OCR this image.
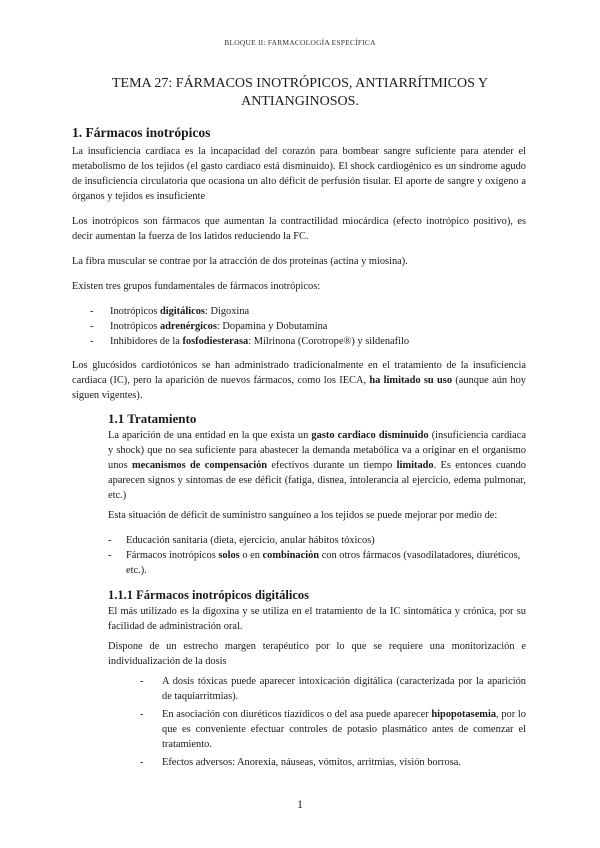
BLOQUE II: FARMACOLOGÍA ESPECÍFICA
TEMA 27: FÁRMACOS INOTRÓPICOS, ANTIARRÍTMICOS Y ANTIANGINOSOS.
1. Fármacos inotrópicos

La insuficiencia cardiaca es la incapacidad del corazón para bombear sangre suficiente para atender el metabolismo de los tejidos (el gasto cardiaco está disminuido). El shock cardiogénico es un síndrome agudo de insuficiencia circulatoria que ocasiona un alto déficit de perfusión tisular. El aporte de sangre y oxígeno a órganos y tejidos es insuficiente

Los inotrópicos son fármacos que aumentan la contractilidad miocárdica (efecto inotrópico positivo), es decir aumentan la fuerza de los latidos reduciendo la FC.

La fibra muscular se contrae por la atracción de dos proteínas (actina y miosina).

Existen tres grupos fundamentales de fármacos inotrópicos:

- Inotrópicos digitálicos: Digoxina
- Inotrópicos adrenérgicos: Dopamina y Dobutamina
- Inhibidores de la fosfodiesterasa: Milrinona (Corotrope®) y sildenafilo

Los glucósidos cardiotónicos se han administrado tradicionalmente en el tratamiento de la insuficiencia cardiaca (IC), pero la aparición de nuevos fármacos, como los IECA, ha limitado su uso (aunque aún hoy siguen vigentes).

1.1 Tratamiento

La aparición de una entidad en la que exista un gasto cardiaco disminuido (insuficiencia cardiaca y shock) que no sea suficiente para abastecer la demanda metabólica va a originar en el organismo unos mecanismos de compensación efectivos durante un tiempo limitado. Es entonces cuando aparecen signos y síntomas de ese déficit (fatiga, disnea, intolerancia al ejercicio, edema pulmonar, etc.)

Esta situación de déficit de suministro sanguíneo a los tejidos se puede mejorar por medio de:

- Educación sanitaria (dieta, ejercicio, anular hábitos tóxicos)
- Fármacos inotrópicos solos o en combinación con otros fármacos (vasodilatadores, diuréticos, etc.).
1.1.1 Fármacos inotrópicos digitálicos

El más utilizado es la digoxina y se utiliza en el tratamiento de la IC sintomática y crónica, por su facilidad de administración oral.

Dispone de un estrecho margen terapéutico por lo que se requiere una monitorización e individualización de la dosis

- A dosis tóxicas puede aparecer intoxicación digitálica (caracterizada por la aparición de taquiarritmias).
- En asociación con diuréticos tiazídicos o del asa puede aparecer hipopotasemia, por lo que es conveniente efectuar controles de potasio plasmático antes de comenzar el tratamiento.
- Efectos adversos: Anorexia, náuseas, vómitos, arritmias, visión borrosa.
1
